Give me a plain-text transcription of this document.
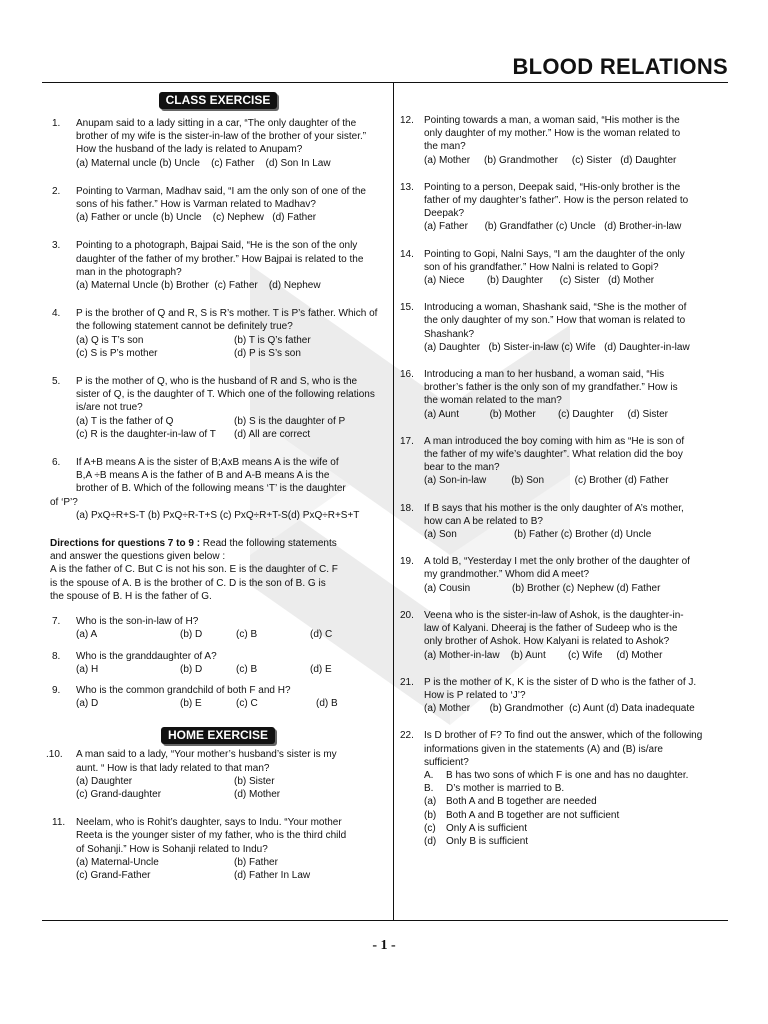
BLOOD RELATIONS
- 1 -
CLASS EXERCISE
1. Anupam said to a lady sitting in a car, “The only daughter of the

brother of my wife is the sister-in-law of the brother of your sister.”

How the husband of the lady is related to Anupam?

(a) Maternal uncle
(b) Uncle
(c) Father
(d) Son In Law
2. Pointing to Varman, Madhav said, “I am the only son of one of the

sons of his father.” How is Varman related to Madhav?

(a) Father or uncle
(b) Uncle
(c) Nephew
(d) Father
3. Pointing to a photograph, Bajpai Said, “He is the son of the only

daughter of the father of my brother.” How Bajpai is related to the

man in the photograph?

(a) Maternal Uncle
(b) Brother
(c) Father
(d) Nephew
4. P is the brother of Q and R, S is R’s mother. T is P’s father. Which of

the following statement cannot be definitely true?

(a) Q is T’s son	(b) T is Q’s father
(c) S is P’s mother	(d) P is S’s son
5. P is the mother of Q, who is the husband of R and S, who is the

sister of Q, is the daughter of T. Which one of the following relations

is/are not true?

(a) T is the father of Q	(b) S is the daughter of P
(c) R is the daughter-in-law of T	(d) All are correct
6. If A+B means A is the sister of B;AxB means A is the wife of

B,A ÷B means A is the father of B and A-B means A is the

brother of B. Which of the following means ‘T’ is the daughter

of ‘P’?

(a) PxQ÷R+S-T
(b) PxQ÷R-T+S
(c) PxQ÷R+T-S (d) PxQ÷R+S+T

Directions for questions 7 to 9 : Read the following statements

and answer the questions given below :

A is the father of C. But C is not his son. E is the daughter of C. F

is the spouse of A. B is the brother of C. D is the son of B. G is

the spouse of B. H is the father of G.

7. Who is the son-in-law of H?

(a) A	(b) D	(c) B	(d) C
8. Who is the granddaughter of A?

(a) H	(b) D	(c) B	(d) E
9. Who is the common grandchild of both F and H?

(a) D	(b) E	(c) C	(d) B
HOME EXERCISE
.10. A man said to a lady, “Your mother’s husband’s sister is my

aunt. “ How is that lady related to that man?

(a) Daughter	(b) Sister
(c) Grand-daughter	(d) Mother
11. Neelam, who is Rohit’s daughter, says to Indu. “Your mother

Reeta is the younger sister of my father, who is the third child

of Sohanji.” How is Sohanji related to Indu?

(a) Maternal-Uncle	(b) Father
(c) Grand-Father	(d) Father In Law
12. Pointing towards a man, a woman said, “His mother is the

only daughter of my mother.” How is the woman related to

the man?

(a) Mother
(b) Grandmother
(c) Sister
(d) Daughter
13. Pointing to a person, Deepak said, “His-only brother is the

father of my daughter’s father”. How is the person related to

Deepak?

(a) Father
(b) Grandfather
(c) Uncle
(d) Brother-in-law
14. Pointing to Gopi, Nalni Says, “I am the daughter of the only

son of his grandfather.” How Nalni is related to Gopi?

(a) Niece
(b) Daughter
(c) Sister
(d) Mother
15. Introducing a woman, Shashank said, “She is the mother of

the only daughter of my son.” How that woman is related to

Shashank?

(a) Daughter
(b) Sister-in-law
(c) Wife
(d) Daughter-in-law
16. Introducing a man to her husband, a woman said, “His

brother’s father is the only son of my grandfather.” How is

the woman related to the man?

(a) Aunt
	(b) Mother
(c) Daughter
(d) Sister
17. A man introduced the boy coming with him as “He is son of

the father of my wife’s daughter”. What relation did the boy

bear to the man?

(a) Son-in-law
	(b) Son
	(c) Brother
(d) Father
18. If B says that his mother is the only daughter of A’s mother,

how can A be related to B?

(a) Son	(b) Father
(c) Brother
(d) Uncle
19. A told B, “Yesterday I met the only brother of the daughter of

my grandmother.” Whom did A meet?

(a) Cousin	(b) Brother
(c) Nephew
(d) Father
20. Veena who is the sister-in-law of Ashok, is the daughter-in-

law of Kalyani. Dheeraj is the father of Sudeep who is the

only brother of Ashok. How Kalyani is related to Ashok?

(a) Mother-in-law
(b) Aunt
(c) Wife
(d) Mother
21. P is the mother of K, K is the sister of D who is the father of J.

How is P related to ‘J’?

(a) Mother
(b) Grandmother
(c) Aunt
(d) Data inadequate
22. Is D brother of F? To find out the answer, which of the following

informations given in the statements (A) and (B) is/are

sufficient?

A.	B has two sons of which F is one and has no daughter.
B.	D’s mother is married to B.
(a) Both A and B together are needed
(b) Both A and B together are not sufficient
(c)	Only A is sufficient
(d) Only B is sufficient
